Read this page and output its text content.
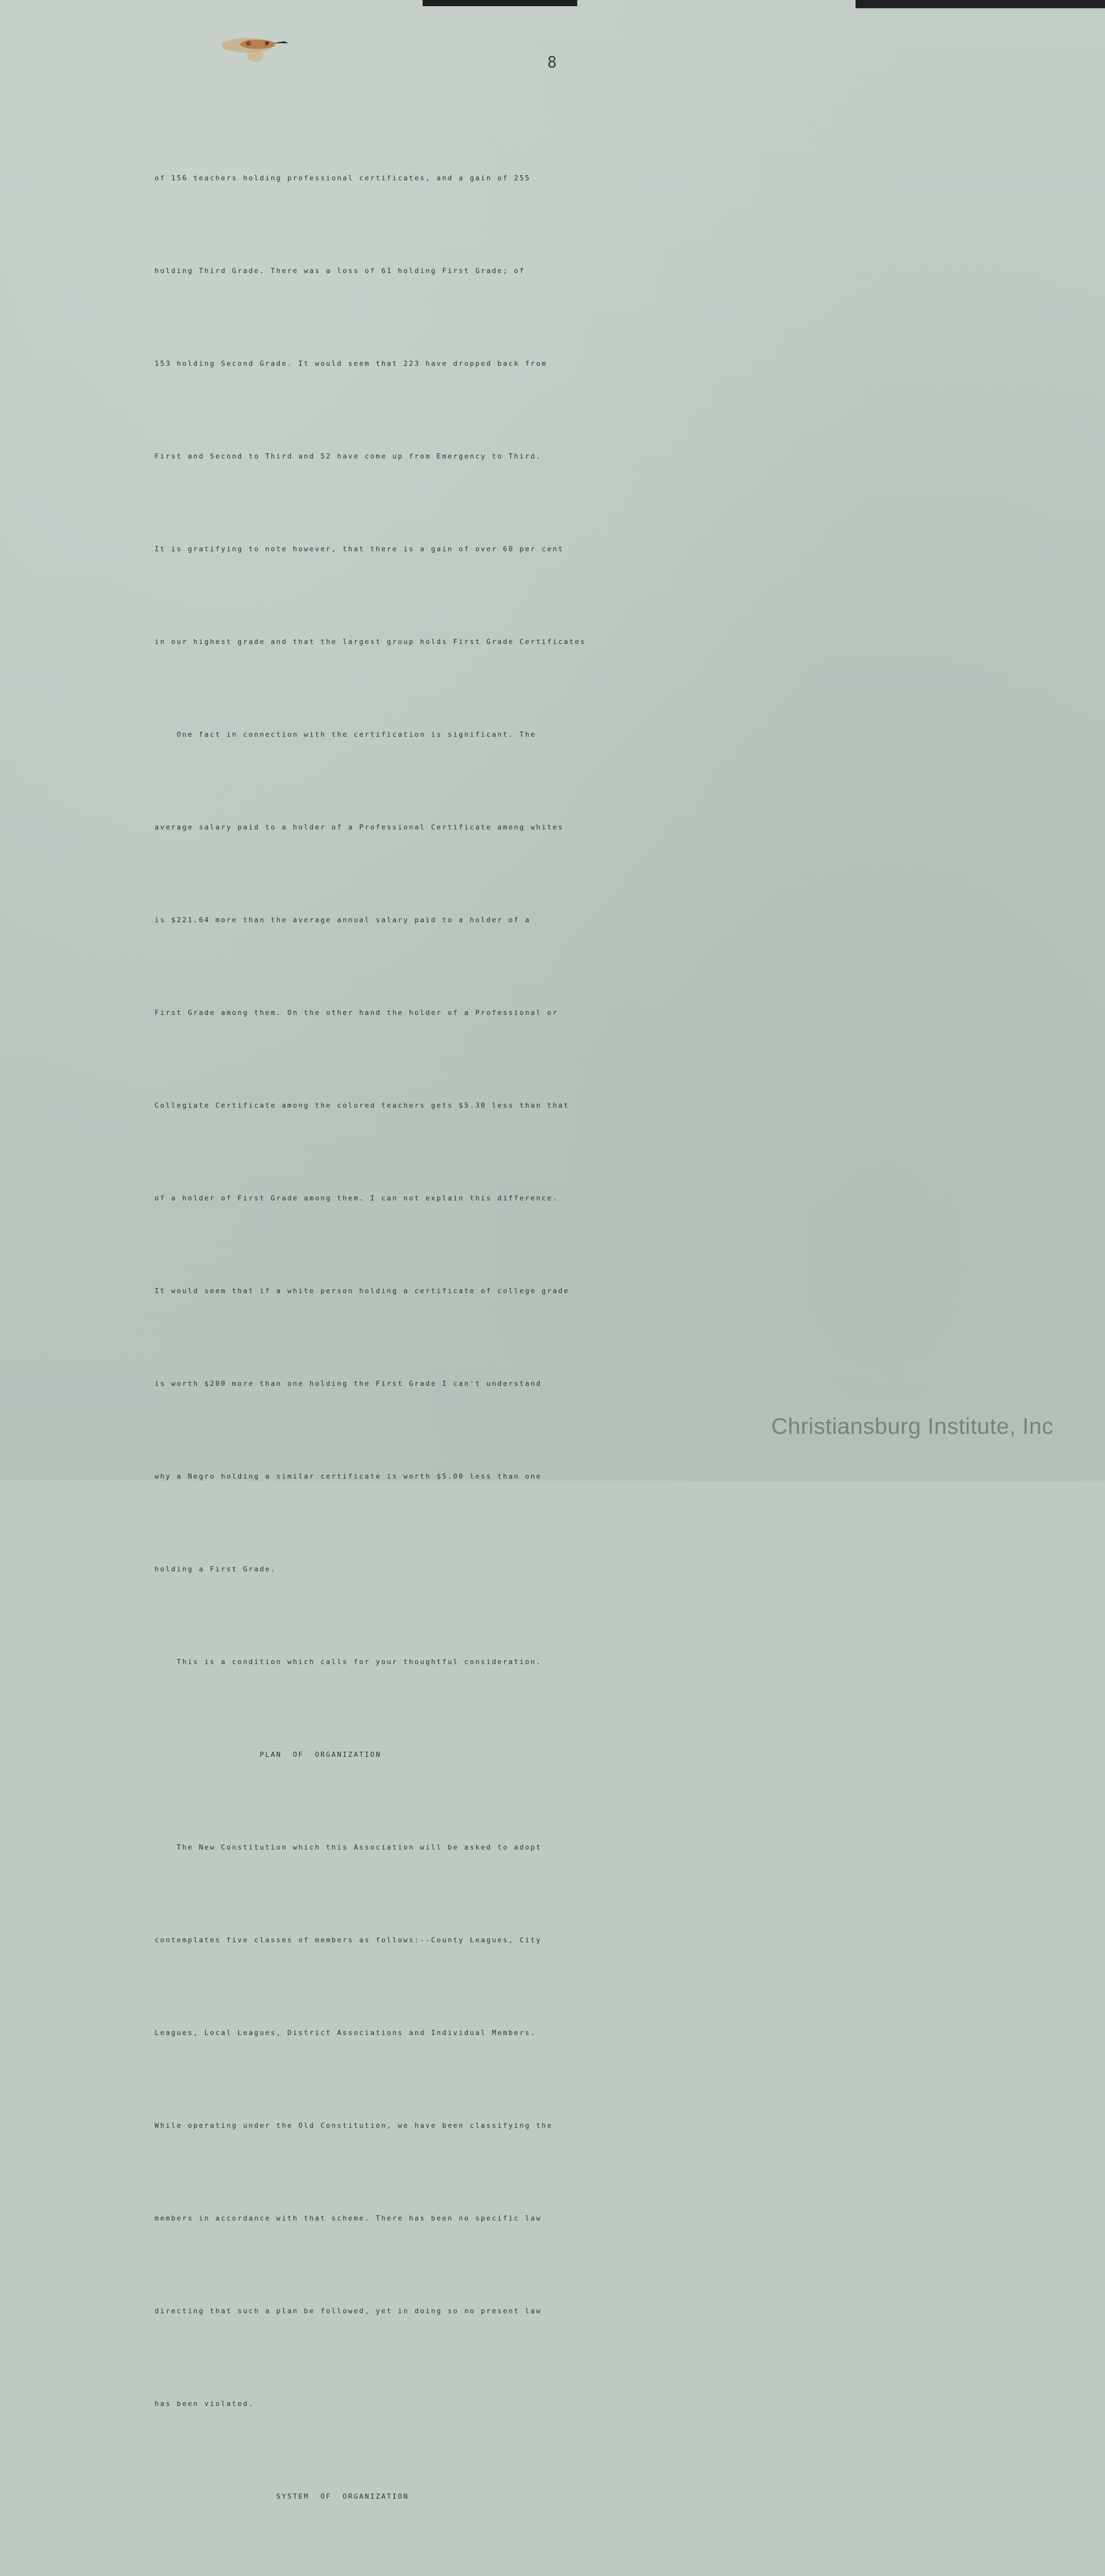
8

of 156 teachers holding professional certificates, and a gain of 255

holding Third Grade. There was a loss of 61 holding First Grade; of

153 holding Second Grade. It would seem that 223 have dropped back from

First and Second to Third and 52 have come up from Emergency to Third.

It is gratifying to note however, that there is a gain of over 60 per cent

in our highest grade and that the largest group holds First Grade Certificates

One fact in connection with the certification is significant. The

average salary paid to a holder of a Professional Certificate among whites

is $221.64 more than the average annual salary paid to a holder of a

First Grade among them. On the other hand the holder of a Professional or

Collegiate Certificate among the colored teachers gets $5.30 less than that

of a holder of First Grade among them. I can not explain this difference.

It would seem that if a white person holding a certificate of college grade

is worth $200 more than one holding the First Grade I can't understand

why a Negro holding a similar certificate is worth $5.00 less than one

holding a First Grade.

This is a condition which calls for your thoughtful consideration.

PLAN  OF  ORGANIZATION

The New Constitution which this Association will be asked to adopt

contemplates five classes of members as follows:--County Leagues, City

Leagues, Local Leagues, District Associations and Individual Members.

While operating under the Old Constitution, we have been classifying the

members in accordance with that scheme. There has been no specific law

directing that such a plan be followed, yet in doing so no present law

has been violated.

SYSTEM  OF  ORGANIZATION

Christiansburg Institute, Inc
